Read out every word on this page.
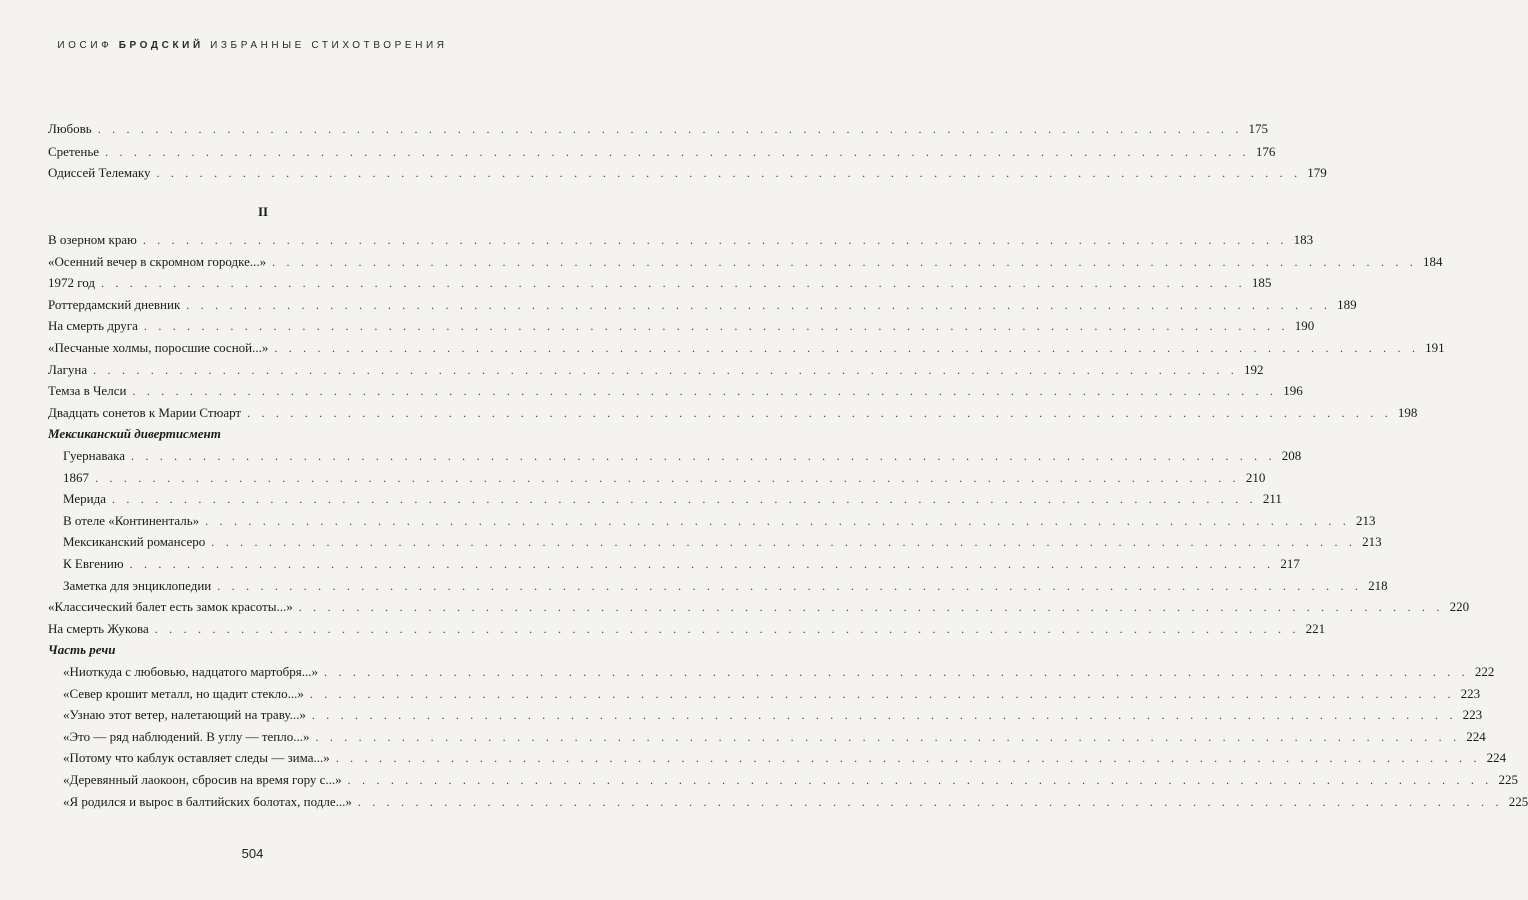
ИОСИФ БРОДСКИЙ ИЗБРАННЫЕ СТИХОТВОРЕНИЯ
Любовь . . . . . . . . . . . . . . . . . . . . . . . . . . . . . . . . . . . . . . . . . . . . . . . . . . . . . . . . . . . . . . . . . . . . . . . . . . . . . . . . 175
Сретенье . . . . . . . . . . . . . . . . . . . . . . . . . . . . . . . . . . . . . . . . . . . . . . . . . . . . . . . . . . . . . . . . . . . . . . . . . . . . . . . . 176
Одиссей Телемаку . . . . . . . . . . . . . . . . . . . . . . . . . . . . . . . . . . . . . . . . . . . . . . . . . . . . . . . . . . . . . . . . . . . . . . . . . . . . . . . . 179
II
В озерном краю . . . . . . . . . . . . . . . . . . . . . . . . . . . . . . . . . . . . . . . . . . . . . . . . . . . . . . . . . . . . . . . . . . . . . . . . . . . . . . . . 183
«Осенний вечер в скромном городке...» . . . . . . . . . . . . . . . . . . . . . . . . . . . . . . . . . . . . . . . . . . . . . . . . . . . . . . . . . . . . . . . . . . . . . . . . . . . . . . . . 184
1972 год . . . . . . . . . . . . . . . . . . . . . . . . . . . . . . . . . . . . . . . . . . . . . . . . . . . . . . . . . . . . . . . . . . . . . . . . . . . . . . . . 185
Роттердамский дневник . . . . . . . . . . . . . . . . . . . . . . . . . . . . . . . . . . . . . . . . . . . . . . . . . . . . . . . . . . . . . . . . . . . . . . . . . . . . . . . . 189
На смерть друга . . . . . . . . . . . . . . . . . . . . . . . . . . . . . . . . . . . . . . . . . . . . . . . . . . . . . . . . . . . . . . . . . . . . . . . . . . . . . . . . 190
«Песчаные холмы, поросшие сосной...» . . . . . . . . . . . . . . . . . . . . . . . . . . . . . . . . . . . . . . . . . . . . . . . . . . . . . . . . . . . . . . . . . . . . . . . . . . . . . . . . 191
Лагуна . . . . . . . . . . . . . . . . . . . . . . . . . . . . . . . . . . . . . . . . . . . . . . . . . . . . . . . . . . . . . . . . . . . . . . . . . . . . . . . . 192
Темза в Челси . . . . . . . . . . . . . . . . . . . . . . . . . . . . . . . . . . . . . . . . . . . . . . . . . . . . . . . . . . . . . . . . . . . . . . . . . . . . . . . . 196
Двадцать сонетов к Марии Стюарт . . . . . . . . . . . . . . . . . . . . . . . . . . . . . . . . . . . . . . . . . . . . . . . . . . . . . . . . . . . . . . . . . . . . . . . . . . . . . . . . 198
Мексиканский дивертисмент
Гуернавака . . . . . . . . . . . . . . . . . . . . . . . . . . . . . . . . . . . . . . . . . . . . . . . . . . . . . . . . . . . . . . . . . . . . . . . . . . . . . . . . 208
1867 . . . . . . . . . . . . . . . . . . . . . . . . . . . . . . . . . . . . . . . . . . . . . . . . . . . . . . . . . . . . . . . . . . . . . . . . . . . . . . . . 210
Мерида . . . . . . . . . . . . . . . . . . . . . . . . . . . . . . . . . . . . . . . . . . . . . . . . . . . . . . . . . . . . . . . . . . . . . . . . . . . . . . . . 211
В отеле «Континенталь» . . . . . . . . . . . . . . . . . . . . . . . . . . . . . . . . . . . . . . . . . . . . . . . . . . . . . . . . . . . . . . . . . . . . . . . . . . . . . . . . 213
Мексиканский романсеро . . . . . . . . . . . . . . . . . . . . . . . . . . . . . . . . . . . . . . . . . . . . . . . . . . . . . . . . . . . . . . . . . . . . . . . . . . . . . . . . 213
К Евгению . . . . . . . . . . . . . . . . . . . . . . . . . . . . . . . . . . . . . . . . . . . . . . . . . . . . . . . . . . . . . . . . . . . . . . . . . . . . . . . . 217
Заметка для энциклопедии . . . . . . . . . . . . . . . . . . . . . . . . . . . . . . . . . . . . . . . . . . . . . . . . . . . . . . . . . . . . . . . . . . . . . . . . . . . . . . . . 218
«Классический балет есть замок красоты...» . . . . . . . . . . . . . . . . . . . . . . . . . . . . . . . . . . . . . . . . . . . . . . . . . . . . . . . . . . . . . . . . . . . . . . . . . . . . . . . . 220
На смерть Жукова . . . . . . . . . . . . . . . . . . . . . . . . . . . . . . . . . . . . . . . . . . . . . . . . . . . . . . . . . . . . . . . . . . . . . . . . . . . . . . . . 221
Часть речи
«Ниоткуда с любовью, надцатого мартобря...» . . . . . . . . . . . . . . . . . . . . . . . . . . . . . . . . . . . . . . . . . . . . . . . . . . . . . . . . . . . . . . . . . . . . . . . . . . . . . . . . 222
«Север крошит металл, но щадит стекло...» . . . . . . . . . . . . . . . . . . . . . . . . . . . . . . . . . . . . . . . . . . . . . . . . . . . . . . . . . . . . . . . . . . . . . . . . . . . . . . . . 223
«Узнаю этот ветер, налетающий на траву...» . . . . . . . . . . . . . . . . . . . . . . . . . . . . . . . . . . . . . . . . . . . . . . . . . . . . . . . . . . . . . . . . . . . . . . . . . . . . . . . . 223
«Это — ряд наблюдений. В углу — тепло...» . . . . . . . . . . . . . . . . . . . . . . . . . . . . . . . . . . . . . . . . . . . . . . . . . . . . . . . . . . . . . . . . . . . . . . . . . . . . . . . . 224
«Потому что каблук оставляет следы — зима...» . . . . . . . . . . . . . . . . . . . . . . . . . . . . . . . . . . . . . . . . . . . . . . . . . . . . . . . . . . . . . . . . . . . . . . . . . . . . . . . . 224
«Деревянный лаокоон, сбросив на время гору с...» . . . . . . . . . . . . . . . . . . . . . . . . . . . . . . . . . . . . . . . . . . . . . . . . . . . . . . . . . . . . . . . . . . . . . . . . . . . . . . . . 225
«Я родился и вырос в балтийских болотах, подле...» . . . . . . . . . . . . . . . . . . . . . . . . . . . . . . . . . . . . . . . . . . . . . . . . . . . . . . . . . . . . . . . . . . . . . . . . . . . . . . . . 225
504
